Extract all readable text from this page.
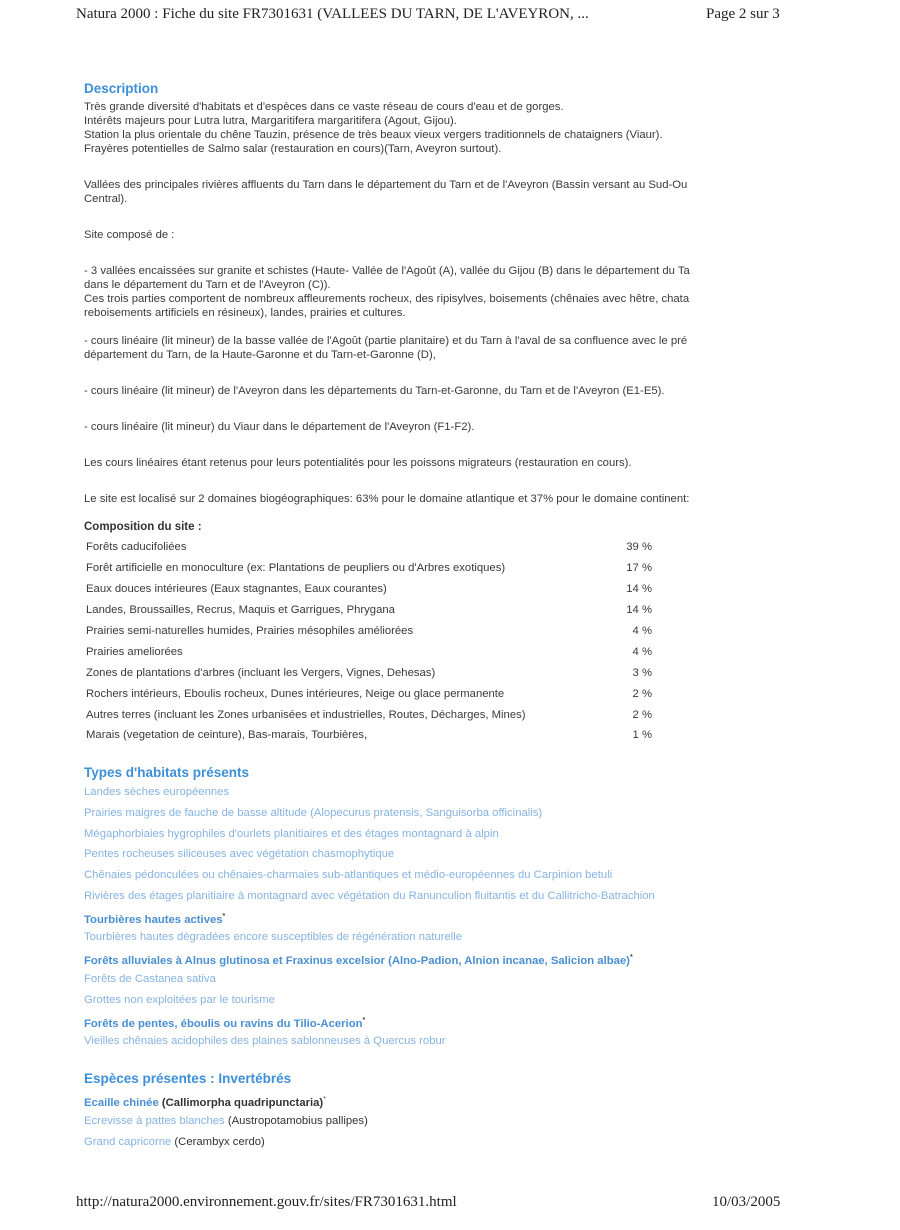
Natura 2000 : Fiche du site FR7301631 (VALLEES DU TARN, DE L'AVEYRON, ...	Page 2 sur 3
Description
Très grande diversité d'habitats et d'espèces dans ce vaste réseau de cours d'eau et de gorges.
Intérêts majeurs pour Lutra lutra, Margaritifera margaritifera (Agout, Gijou).
Station la plus orientale du chêne Tauzin, présence de très beaux vieux vergers traditionnels de chataigners (Viaur).
Frayères potentielles de Salmo salar (restauration en cours)(Tarn, Aveyron surtout).
Vallées des principales rivières affluents du Tarn dans le département du Tarn et de l'Aveyron (Bassin versant au Sud-Ou
Central).
Site composé de :
- 3 vallées encaissées sur granite et schistes (Haute- Vallée de l'Agoût (A), vallée du Gijou (B) dans le département du Ta
dans le département du Tarn et de l'Aveyron (C)).
Ces trois parties comportent de nombreux affleurements rocheux, des ripisylves, boisements (chênaies avec hêtre, chata
reboisements artificiels en résineux), landes, prairies et cultures.
- cours linéaire (lit mineur) de la basse vallée de l'Agoût (partie planitaire) et du Tarn à l'aval de sa confluence avec le pré
département du Tarn, de la Haute-Garonne et du Tarn-et-Garonne (D),
- cours linéaire (lit mineur) de l'Aveyron dans les départements du Tarn-et-Garonne, du Tarn et de l'Aveyron (E1-E5).
- cours linéaire (lit mineur) du Viaur dans le département de l'Aveyron (F1-F2).
Les cours linéaires étant retenus pour leurs potentialités pour les poissons migrateurs (restauration en cours).
Le site est localisé sur 2 domaines biogéographiques: 63% pour le domaine atlantique et 37% pour le domaine continent:
Composition du site :
Forêts caducifoliées	39 %
Forêt artificielle en monoculture (ex: Plantations de peupliers ou d'Arbres exotiques)	17 %
Eaux douces intérieures (Eaux stagnantes, Eaux courantes)	14 %
Landes, Broussailles, Recrus, Maquis et Garrigues, Phrygana	14 %
Prairies semi-naturelles humides, Prairies mésophiles améliorées	4 %
Prairies ameliorées	4 %
Zones de plantations d'arbres (incluant les Vergers, Vignes, Dehesas)	3 %
Rochers intérieurs, Eboulis rocheux, Dunes intérieures, Neige ou glace permanente	2 %
Autres terres (incluant les Zones urbanisées et industrielles, Routes, Décharges, Mines)	2 %
Marais (vegetation de ceinture), Bas-marais, Tourbières,	1 %
Types d'habitats présents
Landes sèches européennes
Prairies maigres de fauche de basse altitude (Alopecurus pratensis, Sanguisorba officinalis)
Mégaphorbiaies hygrophiles d'ourlets planitiaires et des étages montagnard à alpin
Pentes rocheuses siliceuses avec végétation chasmophytique
Chênaies pédonculées ou chênaies-charmaies sub-atlantiques et médio-européennes du Carpinion betuli
Rivières des étages planitiaire à montagnard avec végétation du Ranunculion fluitantis et du Callitricho-Batrachion
Tourbières hautes actives*
Tourbières hautes dégradées encore susceptibles de régénération naturelle
Forêts alluviales à Alnus glutinosa et Fraxinus excelsior (Alno-Padion, Alnion incanae, Salicion albae)*
Forêts de Castanea sativa
Grottes non exploitées par le tourisme
Forêts de pentes, éboulis ou ravins du Tilio-Acerion*
Vieilles chênaies acidophiles des plaines sablonneuses à Quercus robur
Espèces présentes : Invertébrés
Ecaille chinée (Callimorpha quadripunctaria)*
Ecrevisse à pattes blanches (Austropotamobius pallipes)
Grand capricorne (Cerambyx cerdo)
http://natura2000.environnement.gouv.fr/sites/FR7301631.html	10/03/2005
